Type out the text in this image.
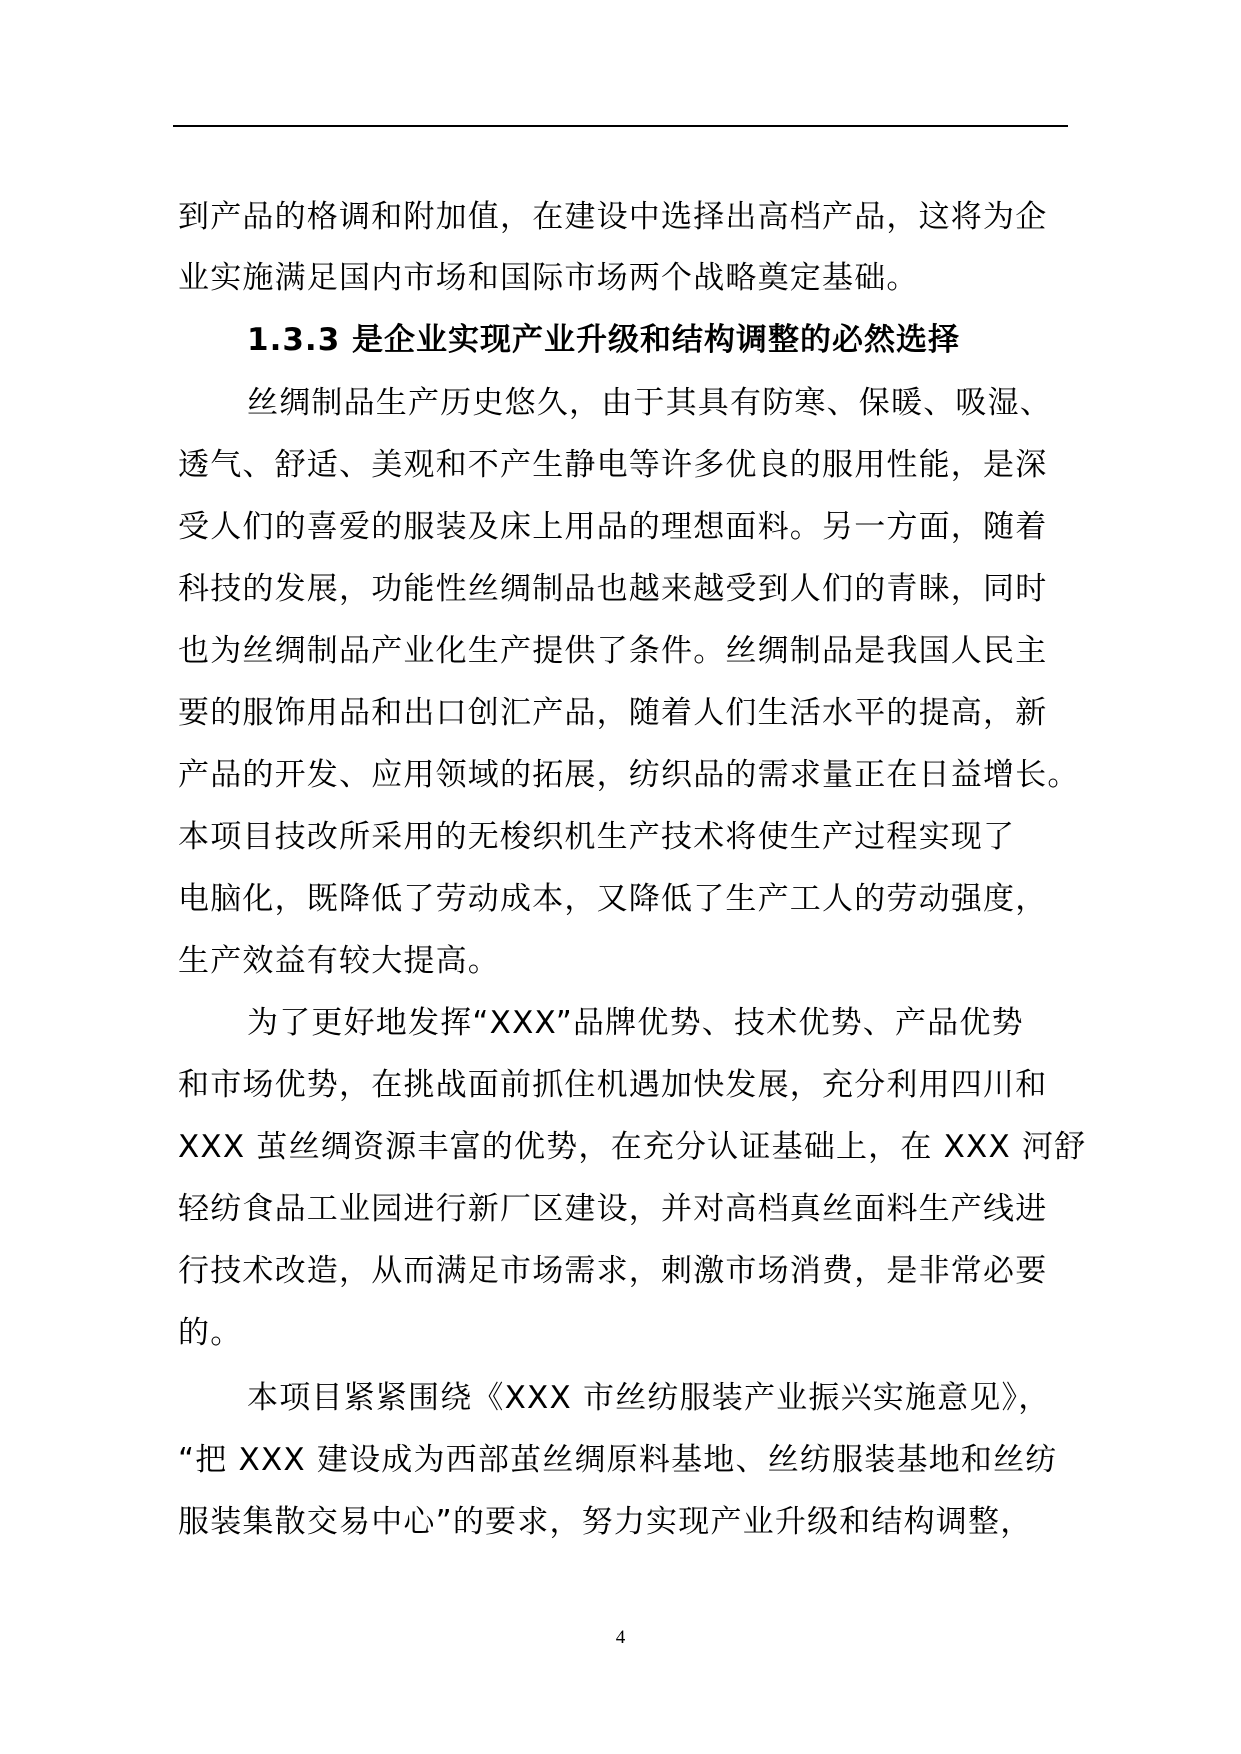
到产品的格调和附加值，在建设中选择出高档产品，这将为企
业实施满足国内市场和国际市场两个战略奠定基础。
1.3.3 是企业实现产业升级和结构调整的必然选择
丝绸制品生产历史悠久，由于其具有防寒、保暖、吸湿、
透气、舒适、美观和不产生静电等许多优良的服用性能，是深
受人们的喜爱的服装及床上用品的理想面料。另一方面，随着
科技的发展，功能性丝绸制品也越来越受到人们的青睐，同时
也为丝绸制品产业化生产提供了条件。丝绸制品是我国人民主
要的服饰用品和出口创汇产品，随着人们生活水平的提高，新
产品的开发、应用领域的拓展，纺织品的需求量正在日益增长。
本项目技改所采用的无梭织机生产技术将使生产过程实现了
电脑化，既降低了劳动成本，又降低了生产工人的劳动强度，
生产效益有较大提高。
为了更好地发挥“XXX”品牌优势、技术优势、产品优势
和市场优势，在挑战面前抓住机遇加快发展，充分利用四川和
XXX 茧丝绸资源丰富的优势，在充分认证基础上，在 XXX 河舒
轻纺食品工业园进行新厂区建设，并对高档真丝面料生产线进
行技术改造，从而满足市场需求，刺激市场消费，是非常必要
的。
本项目紧紧围绕《XXX 市丝纺服装产业振兴实施意见》，
“把 XXX 建设成为西部茧丝绸原料基地、丝纺服装基地和丝纺
服装集散交易中心”的要求，努力实现产业升级和结构调整，
4
